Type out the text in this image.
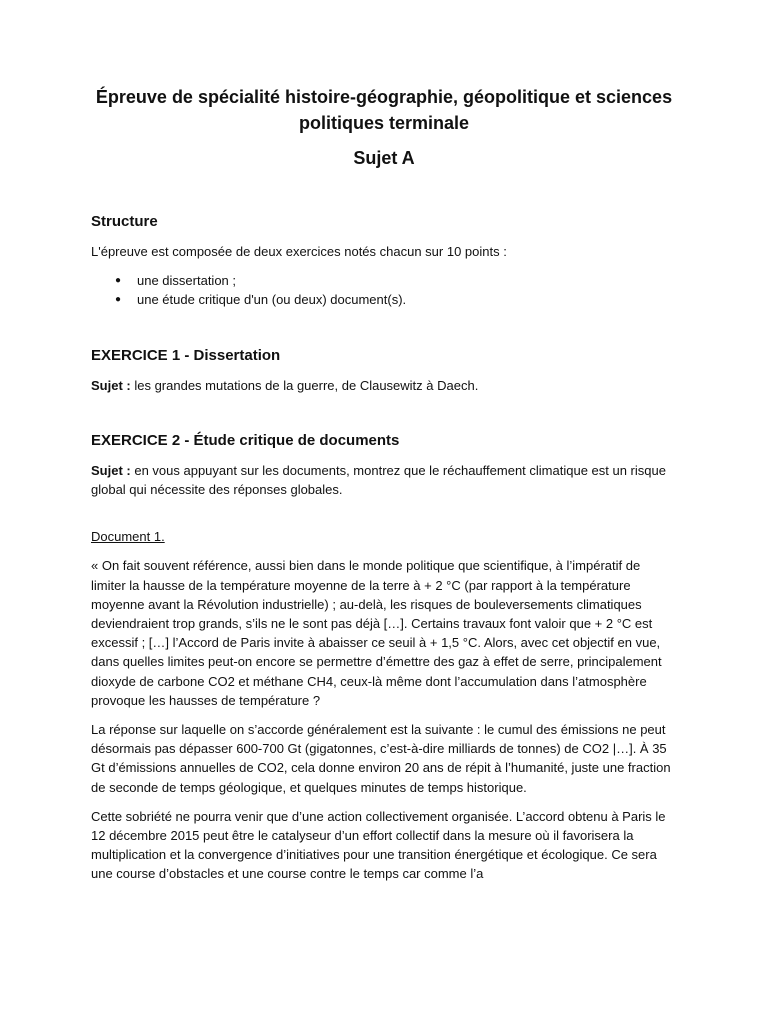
Épreuve de spécialité histoire-géographie, géopolitique et sciences politiques terminale
Sujet A
Structure

L'épreuve est composée de deux exercices notés chacun sur 10 points :

● une dissertation ;
● une étude critique d'un (ou deux) document(s).
EXERCICE 1 - Dissertation

Sujet : les grandes mutations de la guerre, de Clausewitz à Daech.

EXERCICE 2 - Étude critique de documents

Sujet : en vous appuyant sur les documents, montrez que le réchauffement climatique est un risque global qui nécessite des réponses globales.

Document 1.

« On fait souvent référence, aussi bien dans le monde politique que scientifique, à l’impératif de limiter la hausse de la température moyenne de la terre à + 2 °C (par rapport à la température moyenne avant la Révolution industrielle) ; au-delà, les risques de bouleversements climatiques deviendraient trop grands, s’ils ne le sont pas déjà […]. Certains travaux font valoir que + 2 °C est excessif ; […] l’Accord de Paris invite à abaisser ce seuil à + 1,5 °C. Alors, avec cet objectif en vue, dans quelles limites peut-on encore se permettre d’émettre des gaz à effet de serre, principalement dioxyde de carbone CO2 et méthane CH4, ceux-là même dont l’accumulation dans l’atmosphère provoque les hausses de température ?

La réponse sur laquelle on s’accorde généralement est la suivante : le cumul des émissions ne peut désormais pas dépasser 600-700 Gt (gigatonnes, c’est-à-dire milliards de tonnes) de CO2 |…]. À 35 Gt d’émissions annuelles de CO2, cela donne environ 20 ans de répit à l’humanité, juste une fraction de seconde de temps géologique, et quelques minutes de temps historique.

Cette sobriété ne pourra venir que d’une action collectivement organisée. L’accord obtenu à Paris le 12 décembre 2015 peut être le catalyseur d’un effort collectif dans la mesure où il favorisera la multiplication et la convergence d’initiatives pour une transition énergétique et écologique. Ce sera une course d’obstacles et une course contre le temps car comme l’a
